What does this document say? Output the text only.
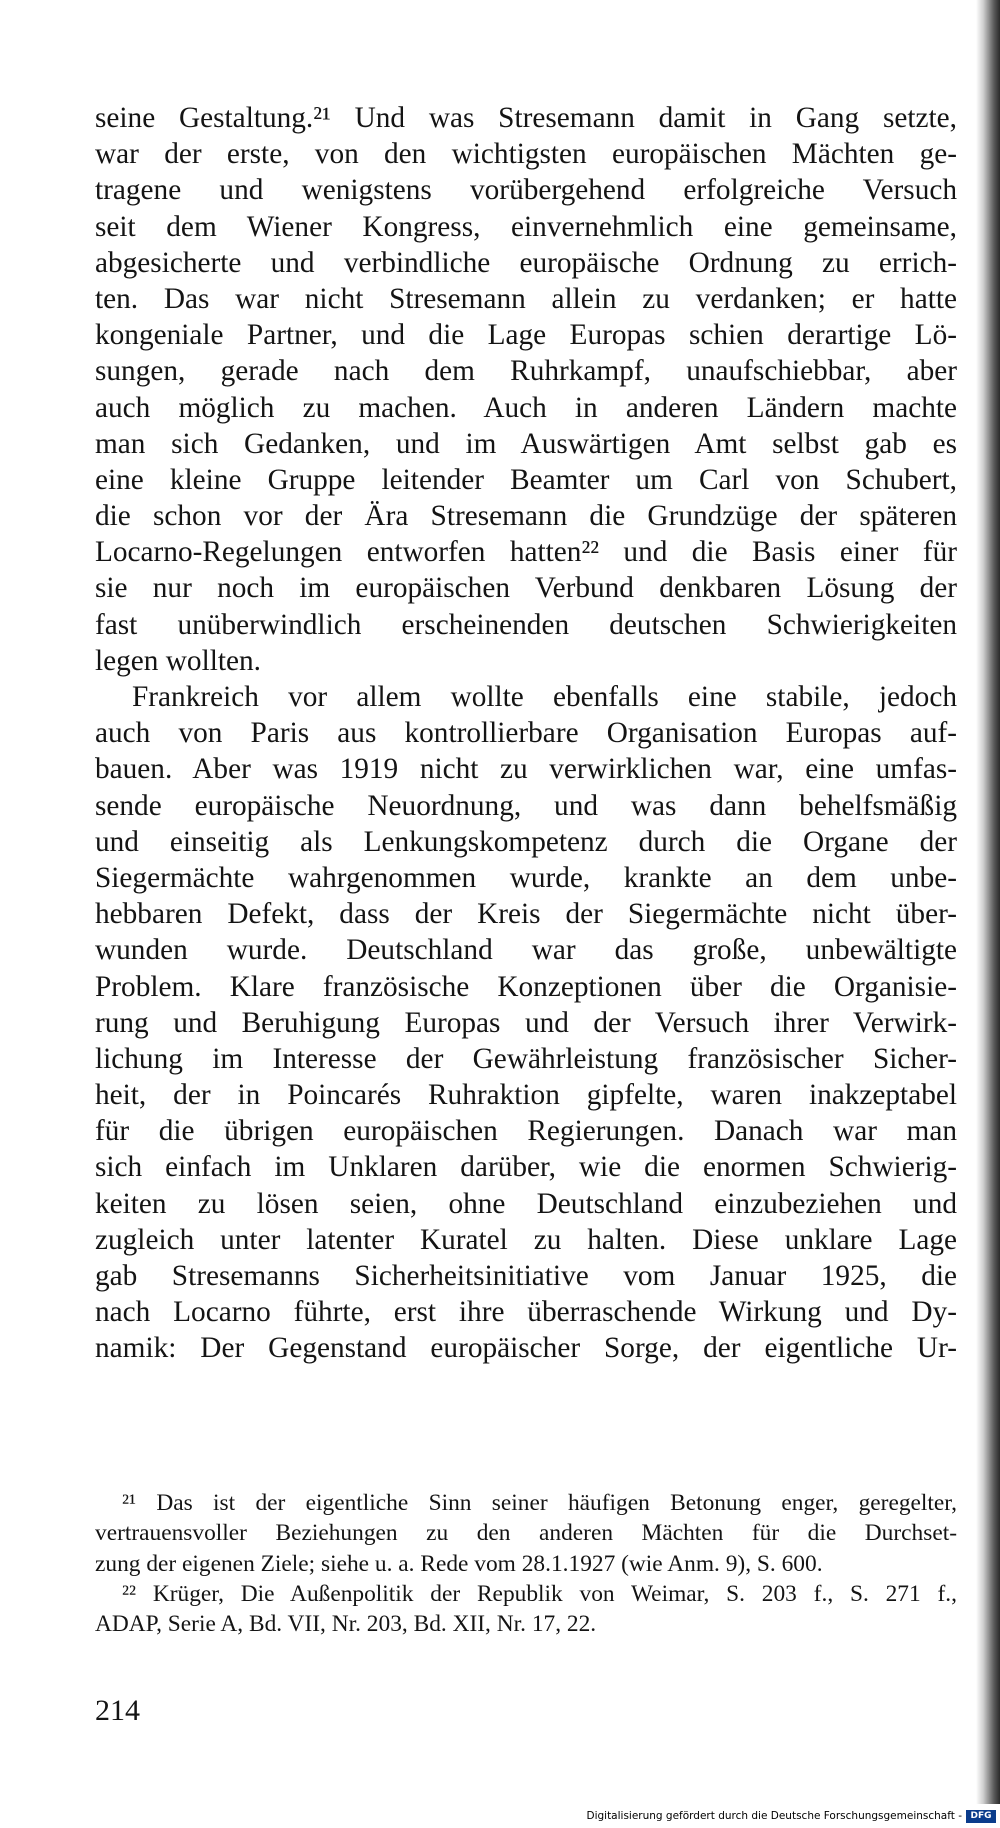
seine Gestaltung.²¹ Und was Stresemann damit in Gang setzte,
war der erste, von den wichtigsten europäischen Mächten ge-
tragene und wenigstens vorübergehend erfolgreiche Versuch
seit dem Wiener Kongress, einvernehmlich eine gemeinsame,
abgesicherte und verbindliche europäische Ordnung zu errich-
ten. Das war nicht Stresemann allein zu verdanken; er hatte
kongeniale Partner, und die Lage Europas schien derartige Lö-
sungen, gerade nach dem Ruhrkampf, unaufschiebbar, aber
auch möglich zu machen. Auch in anderen Ländern machte
man sich Gedanken, und im Auswärtigen Amt selbst gab es
eine kleine Gruppe leitender Beamter um Carl von Schubert,
die schon vor der Ära Stresemann die Grundzüge der späteren
Locarno-Regelungen entworfen hatten²² und die Basis einer für
sie nur noch im europäischen Verbund denkbaren Lösung der
fast unüberwindlich erscheinenden deutschen Schwierigkeiten
legen wollten.
Frankreich vor allem wollte ebenfalls eine stabile, jedoch
auch von Paris aus kontrollierbare Organisation Europas auf-
bauen. Aber was 1919 nicht zu verwirklichen war, eine umfas-
sende europäische Neuordnung, und was dann behelfsmäßig
und einseitig als Lenkungskompetenz durch die Organe der
Siegermächte wahrgenommen wurde, krankte an dem unbe-
hebbaren Defekt, dass der Kreis der Siegermächte nicht über-
wunden wurde. Deutschland war das große, unbewältigte
Problem. Klare französische Konzeptionen über die Organisie-
rung und Beruhigung Europas und der Versuch ihrer Verwirk-
lichung im Interesse der Gewährleistung französischer Sicher-
heit, der in Poincarés Ruhraktion gipfelte, waren inakzeptabel
für die übrigen europäischen Regierungen. Danach war man
sich einfach im Unklaren darüber, wie die enormen Schwierig-
keiten zu lösen seien, ohne Deutschland einzubeziehen und
zugleich unter latenter Kuratel zu halten. Diese unklare Lage
gab Stresemanns Sicherheitsinitiative vom Januar 1925, die
nach Locarno führte, erst ihre überraschende Wirkung und Dy-
namik: Der Gegenstand europäischer Sorge, der eigentliche Ur-
²¹ Das ist der eigentliche Sinn seiner häufigen Betonung enger, geregelter,
vertrauensvoller Beziehungen zu den anderen Mächten für die Durchset-
zung der eigenen Ziele; siehe u. a. Rede vom 28.1.1927 (wie Anm. 9), S. 600.
²² Krüger, Die Außenpolitik der Republik von Weimar, S. 203 f., S. 271 f.,
ADAP, Serie A, Bd. VII, Nr. 203, Bd. XII, Nr. 17, 22.
214
Digitalisierung gefördert durch die Deutsche Forschungsgemeinschaft - DFG
